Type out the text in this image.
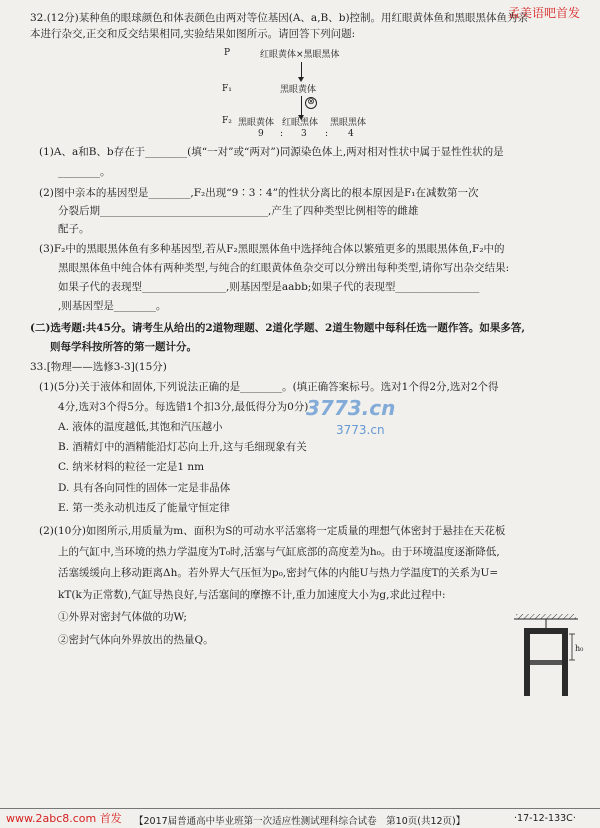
孟美语吧首发
32.(12分)某种鱼的眼球颜色和体表颜色由两对等位基因(A、a,B、b)控制。用红眼黄体鱼和黑眼黑体鱼为亲
本进行杂交,正交和反交结果相同,实验结果如图所示。请回答下列问题:
P	红眼黄体×黑眼黑体
F₁	黑眼黄体
⊗
F₂ 黑眼黄体 红眼黑体 黑眼黑体
9 : 3 : 4
(1)A、a和B、b存在于________(填“一对”或“两对”)同源染色体上,两对相对性状中属于显性性状的是
________。
(2)图中亲本的基因型是________,F₂出现“9∶3∶4”的性状分离比的根本原因是F₁在减数第一次
分裂后期________________________________,产生了四种类型比例相等的雌雄
配子。
(3)F₂中的黑眼黑体鱼有多种基因型,若从F₂黑眼黑体鱼中选择纯合体以繁殖更多的黑眼黑体鱼,F₂中的
黑眼黑体鱼中纯合体有两种类型,与纯合的红眼黄体鱼杂交可以分辨出每种类型,请你写出杂交结果:
如果子代的表现型________________,则基因型是aabb;如果子代的表现型________________
,则基因型是________。
(二)选考题:共45分。请考生从给出的2道物理题、2道化学题、2道生物题中每科任选一题作答。如果多答,
则每学科按所答的第一题计分。
33.[物理——选修3-3](15分)
(1)(5分)关于液体和固体,下列说法正确的是________。(填正确答案标号。选对1个得2分,选对2个得
4分,选对3个得5分。每选错1个扣3分,最低得分为0分)
3773.cn
3773.cn
A. 液体的温度越低,其饱和汽压越小
B. 酒精灯中的酒精能沿灯芯向上升,这与毛细现象有关
C. 纳米材料的粒径一定是1 nm
D. 具有各向同性的固体一定是非晶体
E. 第一类永动机违反了能量守恒定律
(2)(10分)如图所示,用质量为m、面积为S的可动水平活塞将一定质量的理想气体密封于悬挂在天花板
上的气缸中,当环境的热力学温度为T₀时,活塞与气缸底部的高度差为h₀。由于环境温度逐渐降低,
活塞缓缓向上移动距离Δh。若外界大气压恒为p₀,密封气体的内能U与热力学温度T的关系为U=
kT(k为正常数),气缸导热良好,与活塞间的摩擦不计,重力加速度大小为g,求此过程中:
①外界对密封气体做的功W;
②密封气体向外界放出的热量Q。
h₀
www.2abc8.com 首发 【2017届普通高中毕业班第一次适应性测试理科综合试卷　第10页(共12页)】	·17-12-133C·
